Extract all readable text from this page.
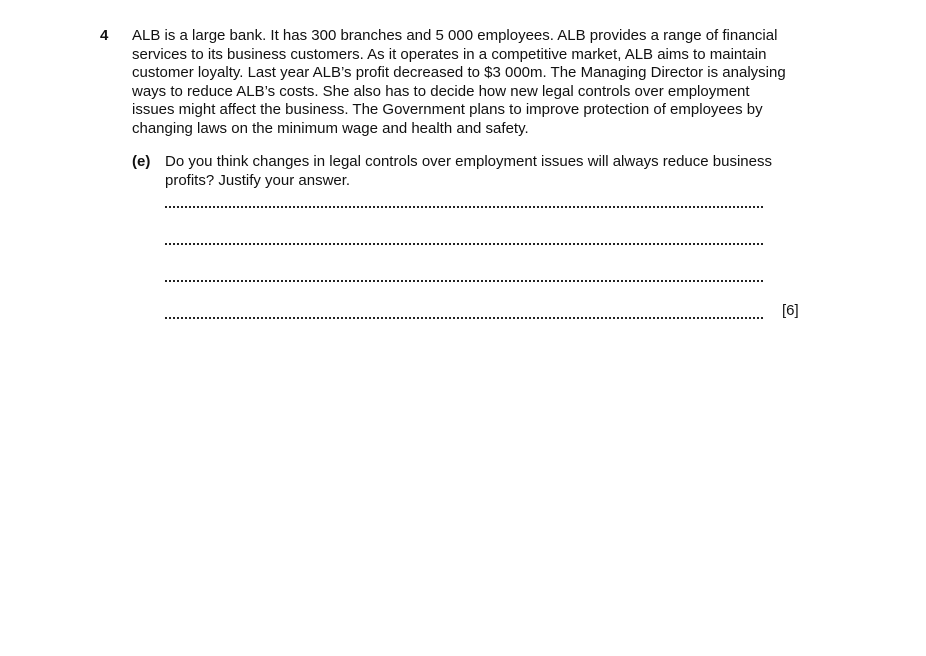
4 ALB is a large bank. It has 300 branches and 5 000 employees. ALB provides a range of financial
services to its business customers. As it operates in a competitive market, ALB aims to maintain
customer loyalty. Last year ALB’s profit decreased to $3 000m. The Managing Director is analysing
ways to reduce ALB’s costs. She also has to decide how new legal controls over employment
issues might affect the business. The Government plans to improve protection of employees by
changing laws on the minimum wage and health and safety.
(e) Do you think changes in legal controls over employment issues will always reduce business
profits? Justify your answer.
[6]
